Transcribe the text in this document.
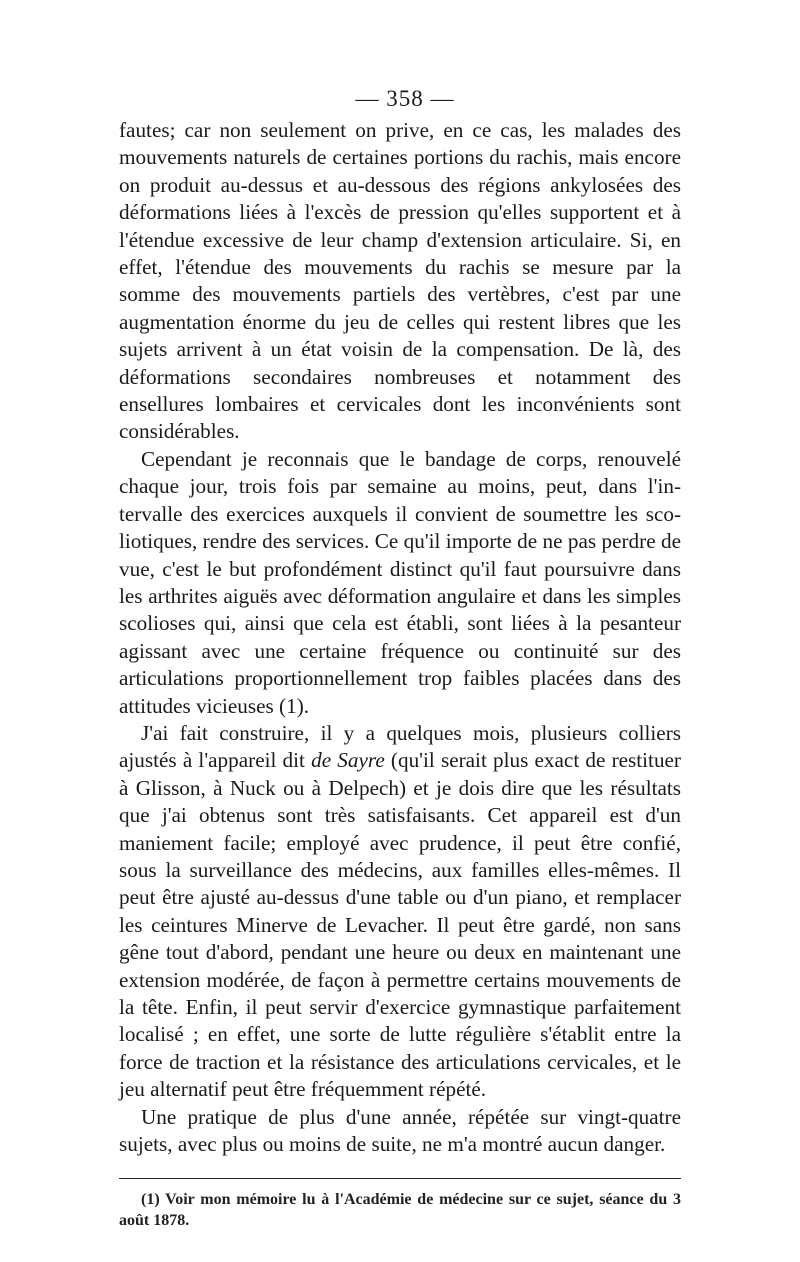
— 358 —

fautes; car non seulement on prive, en ce cas, les malades des mouvements naturels de certaines portions du rachis, mais encore on produit au-dessus et au-dessous des régions ankylosées des déformations liées à l'excès de pression qu'elles supportent et à l'étendue excessive de leur champ d'extension articulaire. Si, en effet, l'étendue des mouvements du rachis se mesure par la somme des mouvements partiels des vertèbres, c'est par une augmentation énorme du jeu de celles qui restent libres que les sujets arrivent à un état voisin de la compensation. De là, des déformations secondaires nombreuses et notamment des ensellures lombaires et cervicales dont les inconvénients sont considérables.

Cependant je reconnais que le bandage de corps, renouvelé chaque jour, trois fois par semaine au moins, peut, dans l'intervalle des exercices auxquels il convient de soumettre les scoliotiques, rendre des services. Ce qu'il importe de ne pas perdre de vue, c'est le but profondément distinct qu'il faut poursuivre dans les arthrites aiguës avec déformation angulaire et dans les simples scolioses qui, ainsi que cela est établi, sont liées à la pesanteur agissant avec une certaine fréquence ou continuité sur des articulations proportionnellement trop faibles placées dans des attitudes vicieuses (1).

J'ai fait construire, il y a quelques mois, plusieurs colliers ajustés à l'appareil dit de Sayre (qu'il serait plus exact de restituer à Glisson, à Nuck ou à Delpech) et je dois dire que les résultats que j'ai obtenus sont très satisfaisants. Cet appareil est d'un maniement facile; employé avec prudence, il peut être confié, sous la surveillance des médecins, aux familles elles-mêmes. Il peut être ajusté au-dessus d'une table ou d'un piano, et remplacer les ceintures Minerve de Levacher. Il peut être gardé, non sans gêne tout d'abord, pendant une heure ou deux en maintenant une extension modérée, de façon à permettre certains mouvements de la tête. Enfin, il peut servir d'exercice gymnastique parfaitement localisé ; en effet, une sorte de lutte régulière s'établit entre la force de traction et la résistance des articulations cervicales, et le jeu alternatif peut être fréquemment répété.

Une pratique de plus d'une année, répétée sur vingt-quatre sujets, avec plus ou moins de suite, ne m'a montré aucun danger.

(1) Voir mon mémoire lu à l'Académie de médecine sur ce sujet, séance du 3 août 1878.
